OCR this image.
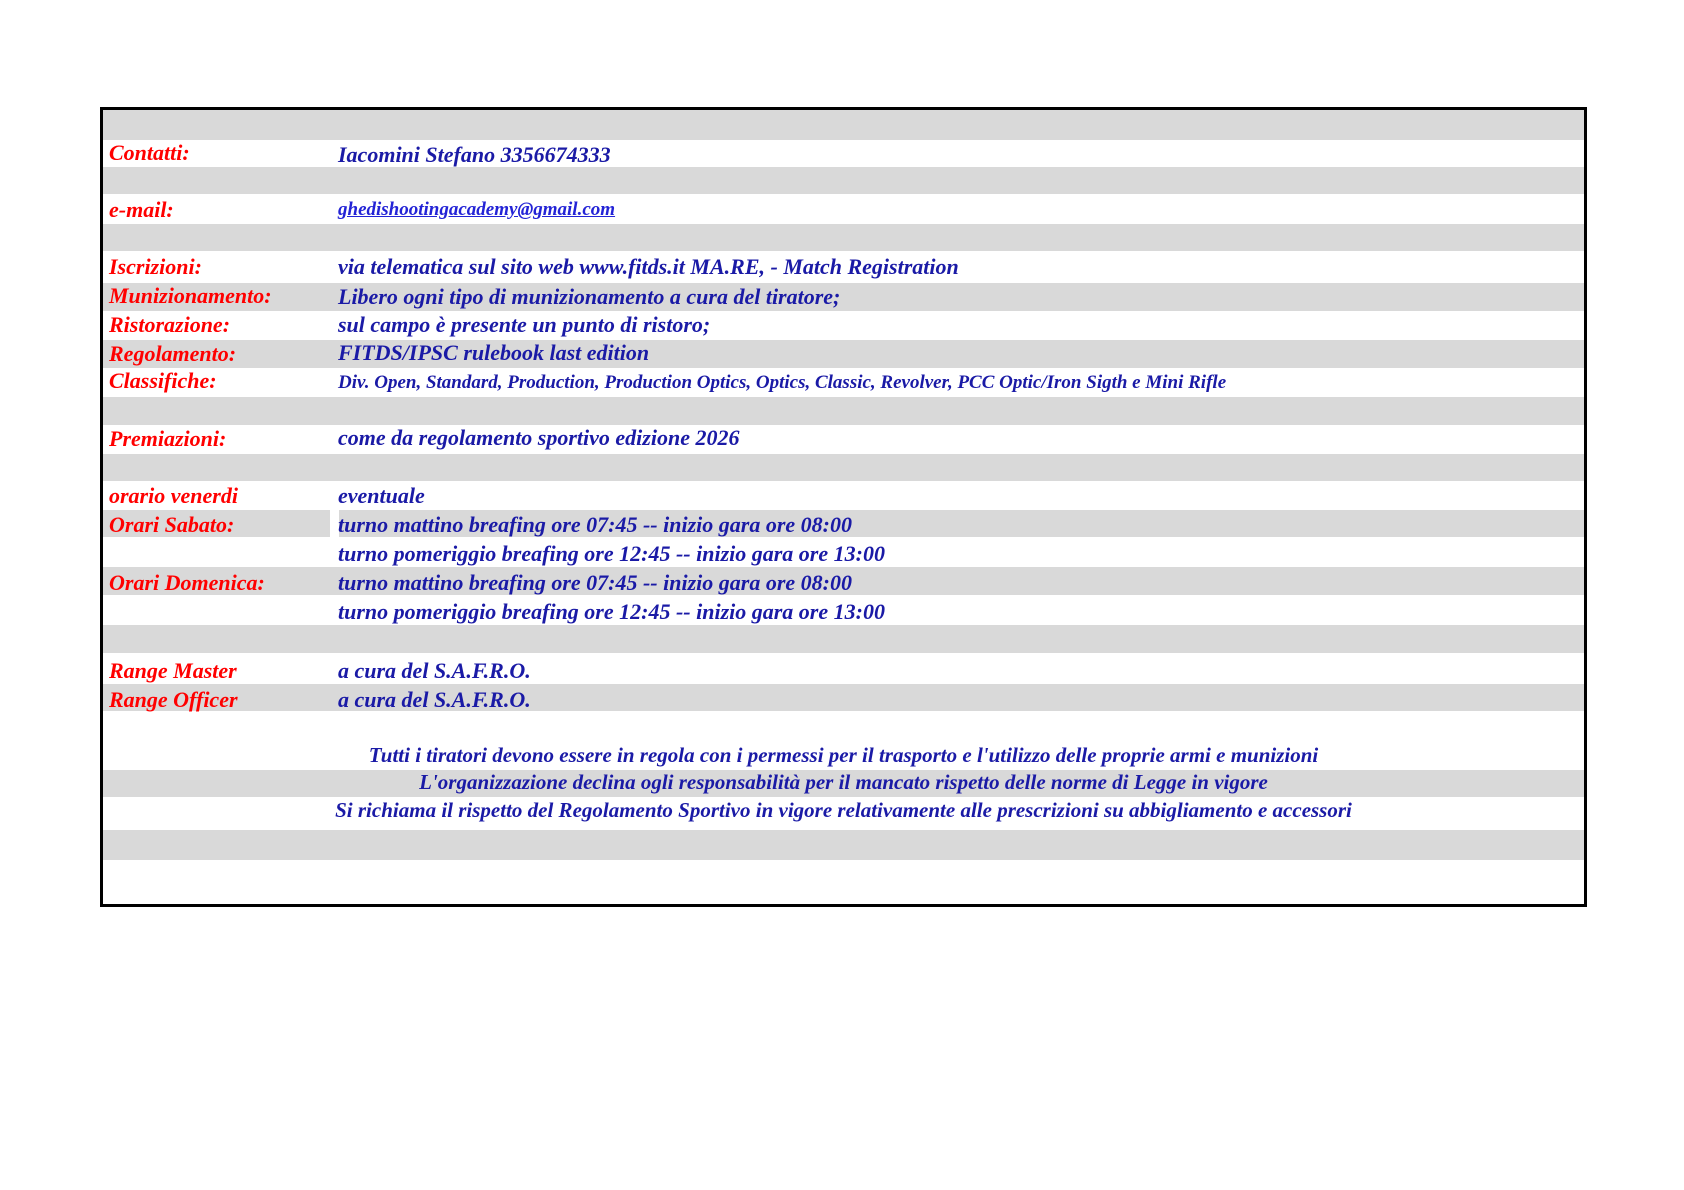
Contatti:	Iacomini Stefano 3356674333
e-mail:	ghedishootingacademy@gmail.com
Iscrizioni:	via telematica sul sito web www.fitds.it MA.RE, - Match Registration
Munizionamento:	Libero ogni tipo di munizionamento a cura del tiratore;
Ristorazione:	sul campo è presente un punto di ristoro;
Regolamento:	FITDS/IPSC rulebook last edition
Classifiche:	Div. Open, Standard, Production, Production Optics, Optics, Classic, Revolver, PCC Optic/Iron Sigth e Mini Rifle
Premiazioni:	come da regolamento sportivo edizione 2026
orario venerdi	eventuale
Orari Sabato:	turno mattino breafing ore 07:45 -- inizio gara ore 08:00
turno pomeriggio breafing ore 12:45 -- inizio gara ore 13:00
Orari Domenica:	turno mattino breafing ore 07:45 -- inizio gara ore 08:00
turno pomeriggio breafing ore 12:45 -- inizio gara ore 13:00
Range Master	a cura del S.A.F.R.O.
Range Officer	a cura del S.A.F.R.O.
Tutti i tiratori devono essere in regola con i permessi per il trasporto e l'utilizzo delle proprie armi e munizioni
L'organizzazione declina ogli responsabilità per il mancato rispetto delle norme di Legge in vigore
Si richiama il rispetto del Regolamento Sportivo in vigore relativamente alle prescrizioni su abbigliamento e accessori
